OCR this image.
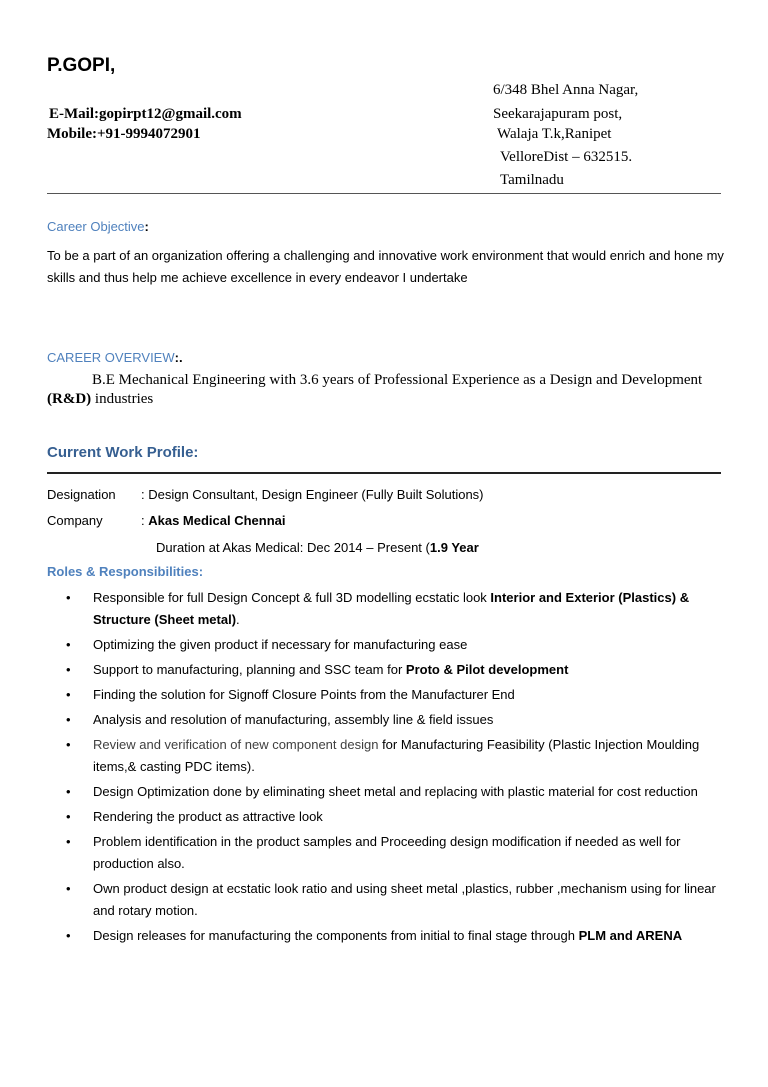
P.GOPI,
6/348 Bhel Anna Nagar,
E-Mail:gopirpt12@gmail.com	Seekarajapuram post,
Mobile:+91-9994072901	Walaja T.k,Ranipet
VelloreDist – 632515.
Tamilnadu
Career Objective:
To be a part of an organization offering a challenging and innovative work environment that would enrich and hone my skills and thus help me achieve excellence in every endeavor I undertake
CAREER OVERVIEW:.
B.E Mechanical Engineering with 3.6 years of Professional Experience as a Design and Development (R&D) industries
Current Work Profile:
Designation : Design Consultant, Design Engineer (Fully Built Solutions)
Company	: Akas Medical Chennai
Duration at Akas Medical: Dec 2014 – Present (1.9 Year
Roles & Responsibilities:
• Responsible for full Design Concept & full 3D modelling ecstatic look Interior and Exterior (Plastics) & Structure (Sheet metal).
• Optimizing the given product if necessary for manufacturing ease
• Support to manufacturing, planning and SSC team for Proto & Pilot development
• Finding the solution for Signoff Closure Points from the Manufacturer End
• Analysis and resolution of manufacturing, assembly line & field issues
• Review and verification of new component design for Manufacturing Feasibility (Plastic Injection Moulding items,& casting PDC items).
• Design Optimization done by eliminating sheet metal and replacing with plastic material for cost reduction
• Rendering the product as attractive look
• Problem identification in the product samples and Proceeding design modification if needed as well for production also.
• Own product design at ecstatic look ratio and using sheet metal ,plastics, rubber ,mechanism using for linear and rotary motion.
• Design releases for manufacturing the components from initial to final stage through PLM and ARENA
